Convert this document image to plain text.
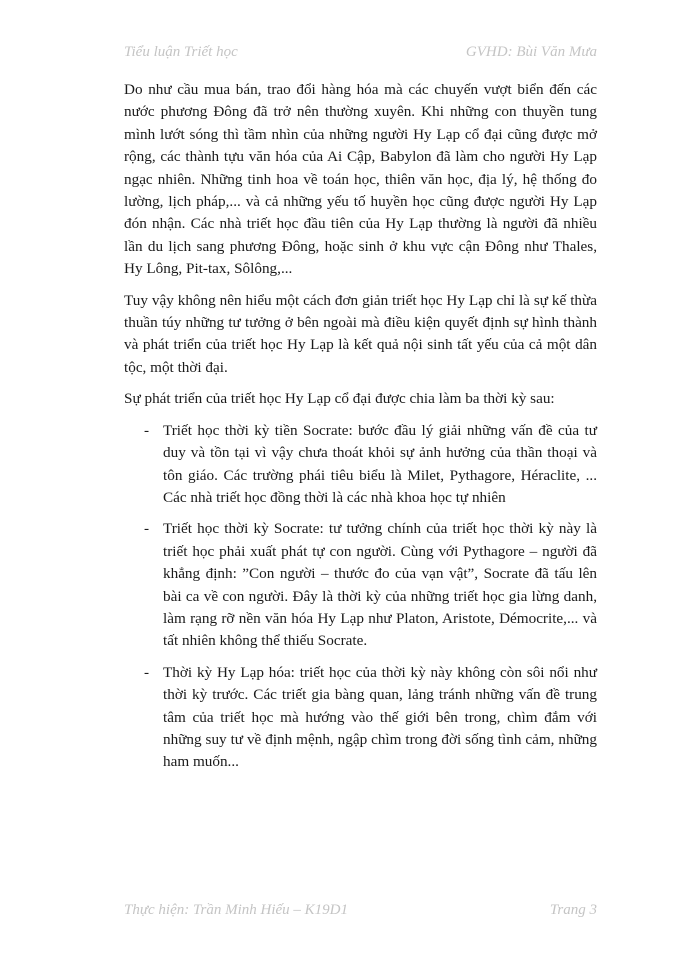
Tiểu luận Triết học	GVHD: Bùi Văn Mưa

Do như cầu mua bán, trao đổi hàng hóa mà các chuyến vượt biển đến các nước phương Đông đã trở nên thường xuyên. Khi những con thuyền tung mình lướt sóng thì tầm nhìn của những người Hy Lạp cổ đại cũng được mở rộng, các thành tựu văn hóa của Ai Cập, Babylon đã làm cho người Hy Lạp ngạc nhiên. Những tinh hoa về toán học, thiên văn học, địa lý, hệ thống đo lường, lịch pháp,... và cả những yếu tố huyền học cũng được người Hy Lạp đón nhận. Các nhà triết học đầu tiên của Hy Lạp thường là người đã nhiều lần du lịch sang phương Đông, hoặc sinh ở khu vực cận Đông như Thales, Hy Lông, Pit-tax, Sôlông,...

Tuy vậy không nên hiểu một cách đơn giản triết học Hy Lạp chỉ là sự kế thừa thuần túy những tư tưởng ở bên ngoài mà điều kiện quyết định sự hình thành và phát triển của triết học Hy Lạp là kết quả nội sinh tất yếu của cả một dân tộc, một thời đại.

Sự phát triển của triết học Hy Lạp cổ đại được chia làm ba thời kỳ sau:

- Triết học thời kỳ tiền Socrate: bước đầu lý giải những vấn đề của tư duy và tồn tại vì vậy chưa thoát khỏi sự ảnh hưởng của thần thoại và tôn giáo. Các trường phái tiêu biểu là Milet, Pythagore, Héraclite, ... Các nhà triết học đồng thời là các nhà khoa học tự nhiên
- Triết học thời kỳ Socrate: tư tưởng chính của triết học thời kỳ này là triết học phải xuất phát tự con người. Cùng với Pythagore – người đã khẳng định: ”Con người – thước đo của vạn vật”, Socrate đã tấu lên bài ca về con người. Đây là thời kỳ của những triết học gia lừng danh, làm rạng rỡ nền văn hóa Hy Lạp như Platon, Aristote, Démocrite,... và tất nhiên không thể thiếu Socrate.
- Thời kỳ Hy Lạp hóa: triết học của thời kỳ này không còn sôi nổi như thời kỳ trước. Các triết gia bàng quan, lảng tránh những vấn đề trung tâm của triết học mà hướng vào thế giới bên trong, chìm đắm với những suy tư về định mệnh, ngập chìm trong đời sống tình cảm, những ham muốn...
Thực hiện: Trần Minh Hiếu – K19D1	Trang 3
